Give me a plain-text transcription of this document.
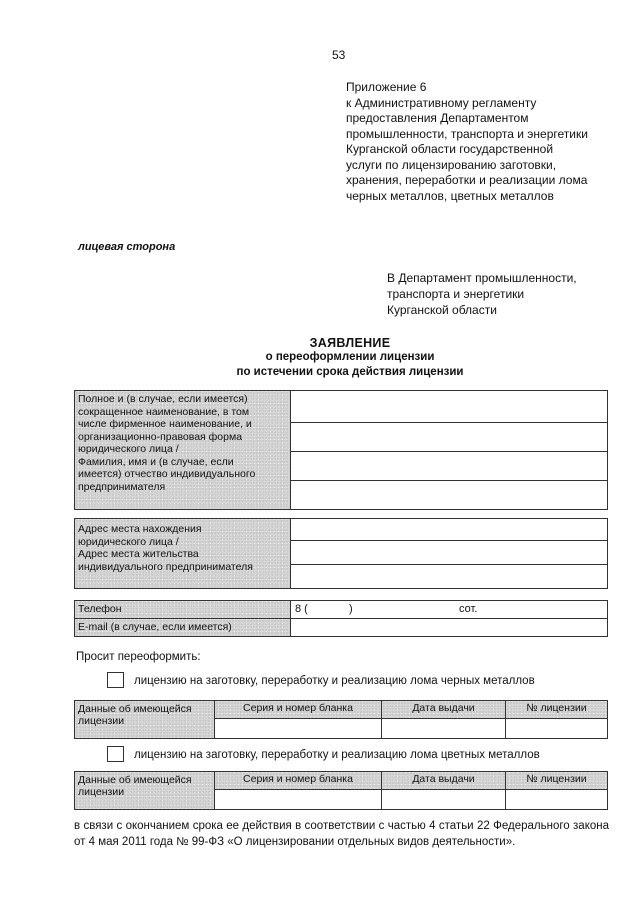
53
Приложение 6
к Административному регламенту
предоставления Департаментом
промышленности, транспорта и энергетики
Курганской области государственной
услуги по лицензированию заготовки,
хранения, переработки и реализации лома
черных металлов, цветных металлов
лицевая сторона
В Департамент промышленности,
транспорта и энергетики
Курганской области
ЗАЯВЛЕНИЕ
о переоформлении лицензии
по истечении срока действия лицензии
Полное и (в случае, если имеется)
сокращенное наименование, в том
числе фирменное наименование, и
организационно-правовая форма
юридического лица /
Фамилия, имя и (в случае, если
имеется) отчество индивидуального
предпринимателя

Адрес места нахождения
юридического лица /
Адрес места жительства
индивидуального предпринимателя

Телефон	8 ( ) сот.

E-mail (в случае, если имеется)	
Просит переоформить:
лицензию на заготовку, переработку и реализацию лома черных металлов
Данные об имеющейся
лицензии	Серия и номер бланка	Дата выдачи	№ лицензии

лицензию на заготовку, переработку и реализацию лома цветных металлов
Данные об имеющейся
лицензии	Серия и номер бланка	Дата выдачи	№ лицензии

в связи с окончанием срока ее действия в соответствии с частью 4 статьи 22 Федерального закона от 4 мая 2011 года № 99-ФЗ «О лицензировании отдельных видов деятельности».
